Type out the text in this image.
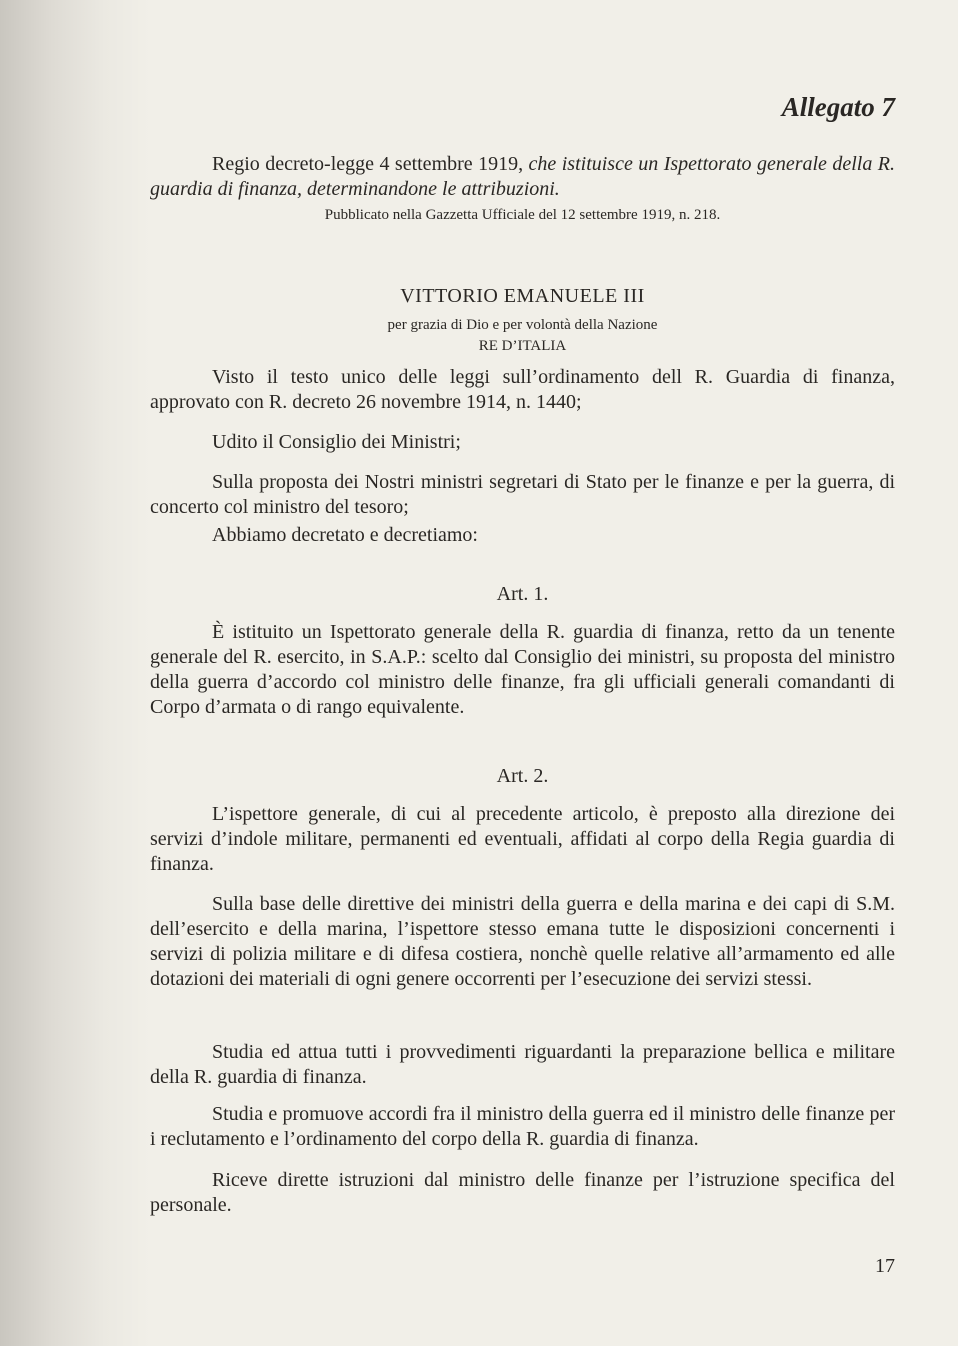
Allegato 7

Regio decreto-legge 4 settembre 1919, che istituisce un Ispettorato generale della R. guardia di finanza, determinandone le attribuzioni.

Pubblicato nella Gazzetta Ufficiale del 12 settembre 1919, n. 218.

VITTORIO EMANUELE III

per grazia di Dio e per volontà della Nazione

RE D’ITALIA

Visto il testo unico delle leggi sull’ordinamento dell R. Guardia di finanza, approvato con R. decreto 26 novembre 1914, n. 1440;

Udito il Consiglio dei Ministri;

Sulla proposta dei Nostri ministri segretari di Stato per le finanze e per la guerra, di concerto col ministro del tesoro;

Abbiamo decretato e decretiamo:

Art. 1.

È istituito un Ispettorato generale della R. guardia di finanza, retto da un tenente generale del R. esercito, in S.A.P.: scelto dal Consiglio dei ministri, su proposta del ministro della guerra d’accordo col ministro delle finanze, fra gli ufficiali generali comandanti di Corpo d’armata o di rango equivalente.

Art. 2.

L’ispettore generale, di cui al precedente articolo, è preposto alla direzione dei servizi d’indole militare, permanenti ed eventuali, affidati al corpo della Regia guardia di finanza.

Sulla base delle direttive dei ministri della guerra e della marina e dei capi di S.M. dell’esercito e della marina, l’ispettore stesso emana tutte le disposizioni concernenti i servizi di polizia militare e di difesa costiera, nonchè quelle relative all’armamento ed alle dotazioni dei materiali di ogni genere occorrenti per l’esecuzione dei servizi stessi.

Studia ed attua tutti i provvedimenti riguardanti la preparazione bellica e militare della R. guardia di finanza.

Studia e promuove accordi fra il ministro della guerra ed il ministro delle finanze per i reclutamento e l’ordinamento del corpo della R. guardia di finanza.

Riceve dirette istruzioni dal ministro delle finanze per l’istruzione specifica del personale.

17
